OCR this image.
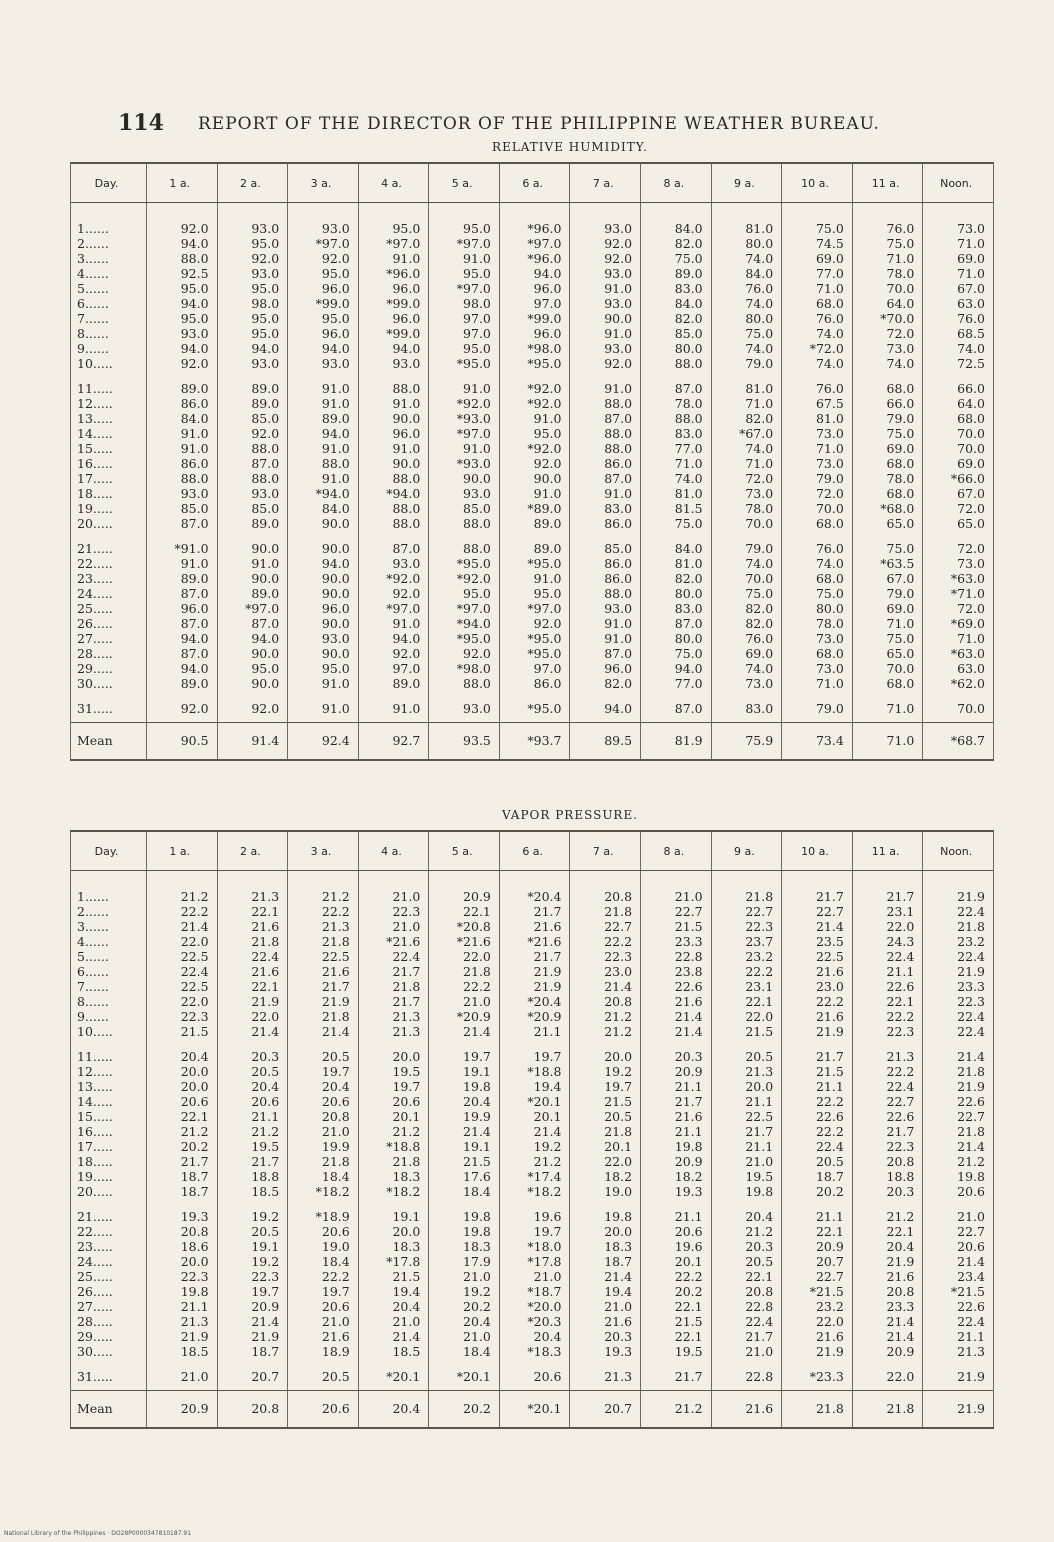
114 REPORT OF THE DIRECTOR OF THE PHILIPPINE WEATHER BUREAU.
RELATIVE HUMIDITY.
Day.	1 a.	2 a.	3 a.	4 a.	5 a.	6 a.	7 a.	8 a.	9 a.	10 a.	11 a.	Noon.
1......	92.0	93.0	93.0	95.0	95.0	*96.0	93.0	84.0	81.0	75.0	76.0	73.0
2......	94.0	95.0	*97.0	*97.0	*97.0	*97.0	92.0	82.0	80.0	74.5	75.0	71.0
3......	88.0	92.0	92.0	91.0	91.0	*96.0	92.0	75.0	74.0	69.0	71.0	69.0
4......	92.5	93.0	95.0	*96.0	95.0	94.0	93.0	89.0	84.0	77.0	78.0	71.0
5......	95.0	95.0	96.0	96.0	*97.0	96.0	91.0	83.0	76.0	71.0	70.0	67.0
6......	94.0	98.0	*99.0	*99.0	98.0	97.0	93.0	84.0	74.0	68.0	64.0	63.0
7......	95.0	95.0	95.0	96.0	97.0	*99.0	90.0	82.0	80.0	76.0	*70.0	76.0
8......	93.0	95.0	96.0	*99.0	97.0	96.0	91.0	85.0	75.0	74.0	72.0	68.5
9......	94.0	94.0	94.0	94.0	95.0	*98.0	93.0	80.0	74.0	*72.0	73.0	74.0
10.....	92.0	93.0	93.0	93.0	*95.0	*95.0	92.0	88.0	79.0	74.0	74.0	72.5
11.....	89.0	89.0	91.0	88.0	91.0	*92.0	91.0	87.0	81.0	76.0	68.0	66.0
12.....	86.0	89.0	91.0	91.0	*92.0	*92.0	88.0	78.0	71.0	67.5	66.0	64.0
13.....	84.0	85.0	89.0	90.0	*93.0	91.0	87.0	88.0	82.0	81.0	79.0	68.0
14.....	91.0	92.0	94.0	96.0	*97.0	95.0	88.0	83.0	*67.0	73.0	75.0	70.0
15.....	91.0	88.0	91.0	91.0	91.0	*92.0	88.0	77.0	74.0	71.0	69.0	70.0
16.....	86.0	87.0	88.0	90.0	*93.0	92.0	86.0	71.0	71.0	73.0	68.0	69.0
17.....	88.0	88.0	91.0	88.0	90.0	90.0	87.0	74.0	72.0	79.0	78.0	*66.0
18.....	93.0	93.0	*94.0	*94.0	93.0	91.0	91.0	81.0	73.0	72.0	68.0	67.0
19.....	85.0	85.0	84.0	88.0	85.0	*89.0	83.0	81.5	78.0	70.0	*68.0	72.0
20.....	87.0	89.0	90.0	88.0	88.0	89.0	86.0	75.0	70.0	68.0	65.0	65.0
21.....	*91.0	90.0	90.0	87.0	88.0	89.0	85.0	84.0	79.0	76.0	75.0	72.0
22.....	91.0	91.0	94.0	93.0	*95.0	*95.0	86.0	81.0	74.0	74.0	*63.5	73.0
23.....	89.0	90.0	90.0	*92.0	*92.0	91.0	86.0	82.0	70.0	68.0	67.0	*63.0
24.....	87.0	89.0	90.0	92.0	95.0	95.0	88.0	80.0	75.0	75.0	79.0	*71.0
25.....	96.0	*97.0	96.0	*97.0	*97.0	*97.0	93.0	83.0	82.0	80.0	69.0	72.0
26.....	87.0	87.0	90.0	91.0	*94.0	92.0	91.0	87.0	82.0	78.0	71.0	*69.0
27.....	94.0	94.0	93.0	94.0	*95.0	*95.0	91.0	80.0	76.0	73.0	75.0	71.0
28.....	87.0	90.0	90.0	92.0	92.0	*95.0	87.0	75.0	69.0	68.0	65.0	*63.0
29.....	94.0	95.0	95.0	97.0	*98.0	97.0	96.0	94.0	74.0	73.0	70.0	63.0
30.....	89.0	90.0	91.0	89.0	88.0	86.0	82.0	77.0	73.0	71.0	68.0	*62.0
31.....	92.0	92.0	91.0	91.0	93.0	*95.0	94.0	87.0	83.0	79.0	71.0	70.0
Mean	90.5	91.4	92.4	92.7	93.5	*93.7	89.5	81.9	75.9	73.4	71.0	*68.7
VAPOR PRESSURE.
Day.	1 a.	2 a.	3 a.	4 a.	5 a.	6 a.	7 a.	8 a.	9 a.	10 a.	11 a.	Noon.
1......	21.2	21.3	21.2	21.0	20.9	*20.4	20.8	21.0	21.8	21.7	21.7	21.9
2......	22.2	22.1	22.2	22.3	22.1	21.7	21.8	22.7	22.7	22.7	23.1	22.4
3......	21.4	21.6	21.3	21.0	*20.8	21.6	22.7	21.5	22.3	21.4	22.0	21.8
4......	22.0	21.8	21.8	*21.6	*21.6	*21.6	22.2	23.3	23.7	23.5	24.3	23.2
5......	22.5	22.4	22.5	22.4	22.0	21.7	22.3	22.8	23.2	22.5	22.4	22.4
6......	22.4	21.6	21.6	21.7	21.8	21.9	23.0	23.8	22.2	21.6	21.1	21.9
7......	22.5	22.1	21.7	21.8	22.2	21.9	21.4	22.6	23.1	23.0	22.6	23.3
8......	22.0	21.9	21.9	21.7	21.0	*20.4	20.8	21.6	22.1	22.2	22.1	22.3
9......	22.3	22.0	21.8	21.3	*20.9	*20.9	21.2	21.4	22.0	21.6	22.2	22.4
10.....	21.5	21.4	21.4	21.3	21.4	21.1	21.2	21.4	21.5	21.9	22.3	22.4
11.....	20.4	20.3	20.5	20.0	19.7	19.7	20.0	20.3	20.5	21.7	21.3	21.4
12.....	20.0	20.5	19.7	19.5	19.1	*18.8	19.2	20.9	21.3	21.5	22.2	21.8
13.....	20.0	20.4	20.4	19.7	19.8	19.4	19.7	21.1	20.0	21.1	22.4	21.9
14.....	20.6	20.6	20.6	20.6	20.4	*20.1	21.5	21.7	21.1	22.2	22.7	22.6
15.....	22.1	21.1	20.8	20.1	19.9	20.1	20.5	21.6	22.5	22.6	22.6	22.7
16.....	21.2	21.2	21.0	21.2	21.4	21.4	21.8	21.1	21.7	22.2	21.7	21.8
17.....	20.2	19.5	19.9	*18.8	19.1	19.2	20.1	19.8	21.1	22.4	22.3	21.4
18.....	21.7	21.7	21.8	21.8	21.5	21.2	22.0	20.9	21.0	20.5	20.8	21.2
19.....	18.7	18.8	18.4	18.3	17.6	*17.4	18.2	18.2	19.5	18.7	18.8	19.8
20.....	18.7	18.5	*18.2	*18.2	18.4	*18.2	19.0	19.3	19.8	20.2	20.3	20.6
21.....	19.3	19.2	*18.9	19.1	19.8	19.6	19.8	21.1	20.4	21.1	21.2	21.0
22.....	20.8	20.5	20.6	20.0	19.8	19.7	20.0	20.6	21.2	22.1	22.1	22.7
23.....	18.6	19.1	19.0	18.3	18.3	*18.0	18.3	19.6	20.3	20.9	20.4	20.6
24.....	20.0	19.2	18.4	*17.8	17.9	*17.8	18.7	20.1	20.5	20.7	21.9	21.4
25.....	22.3	22.3	22.2	21.5	21.0	21.0	21.4	22.2	22.1	22.7	21.6	23.4
26.....	19.8	19.7	19.7	19.4	19.2	*18.7	19.4	20.2	20.8	*21.5	20.8	*21.5
27.....	21.1	20.9	20.6	20.4	20.2	*20.0	21.0	22.1	22.8	23.2	23.3	22.6
28.....	21.3	21.4	21.0	21.0	20.4	*20.3	21.6	21.5	22.4	22.0	21.4	22.4
29.....	21.9	21.9	21.6	21.4	21.0	20.4	20.3	22.1	21.7	21.6	21.4	21.1
30.....	18.5	18.7	18.9	18.5	18.4	*18.3	19.3	19.5	21.0	21.9	20.9	21.3
31.....	21.0	20.7	20.5	*20.1	*20.1	20.6	21.3	21.7	22.8	*23.3	22.0	21.9
Mean	20.9	20.8	20.6	20.4	20.2	*20.1	20.7	21.2	21.6	21.8	21.8	21.9
National Library of the Philippines · DO28P0000347810187.91
